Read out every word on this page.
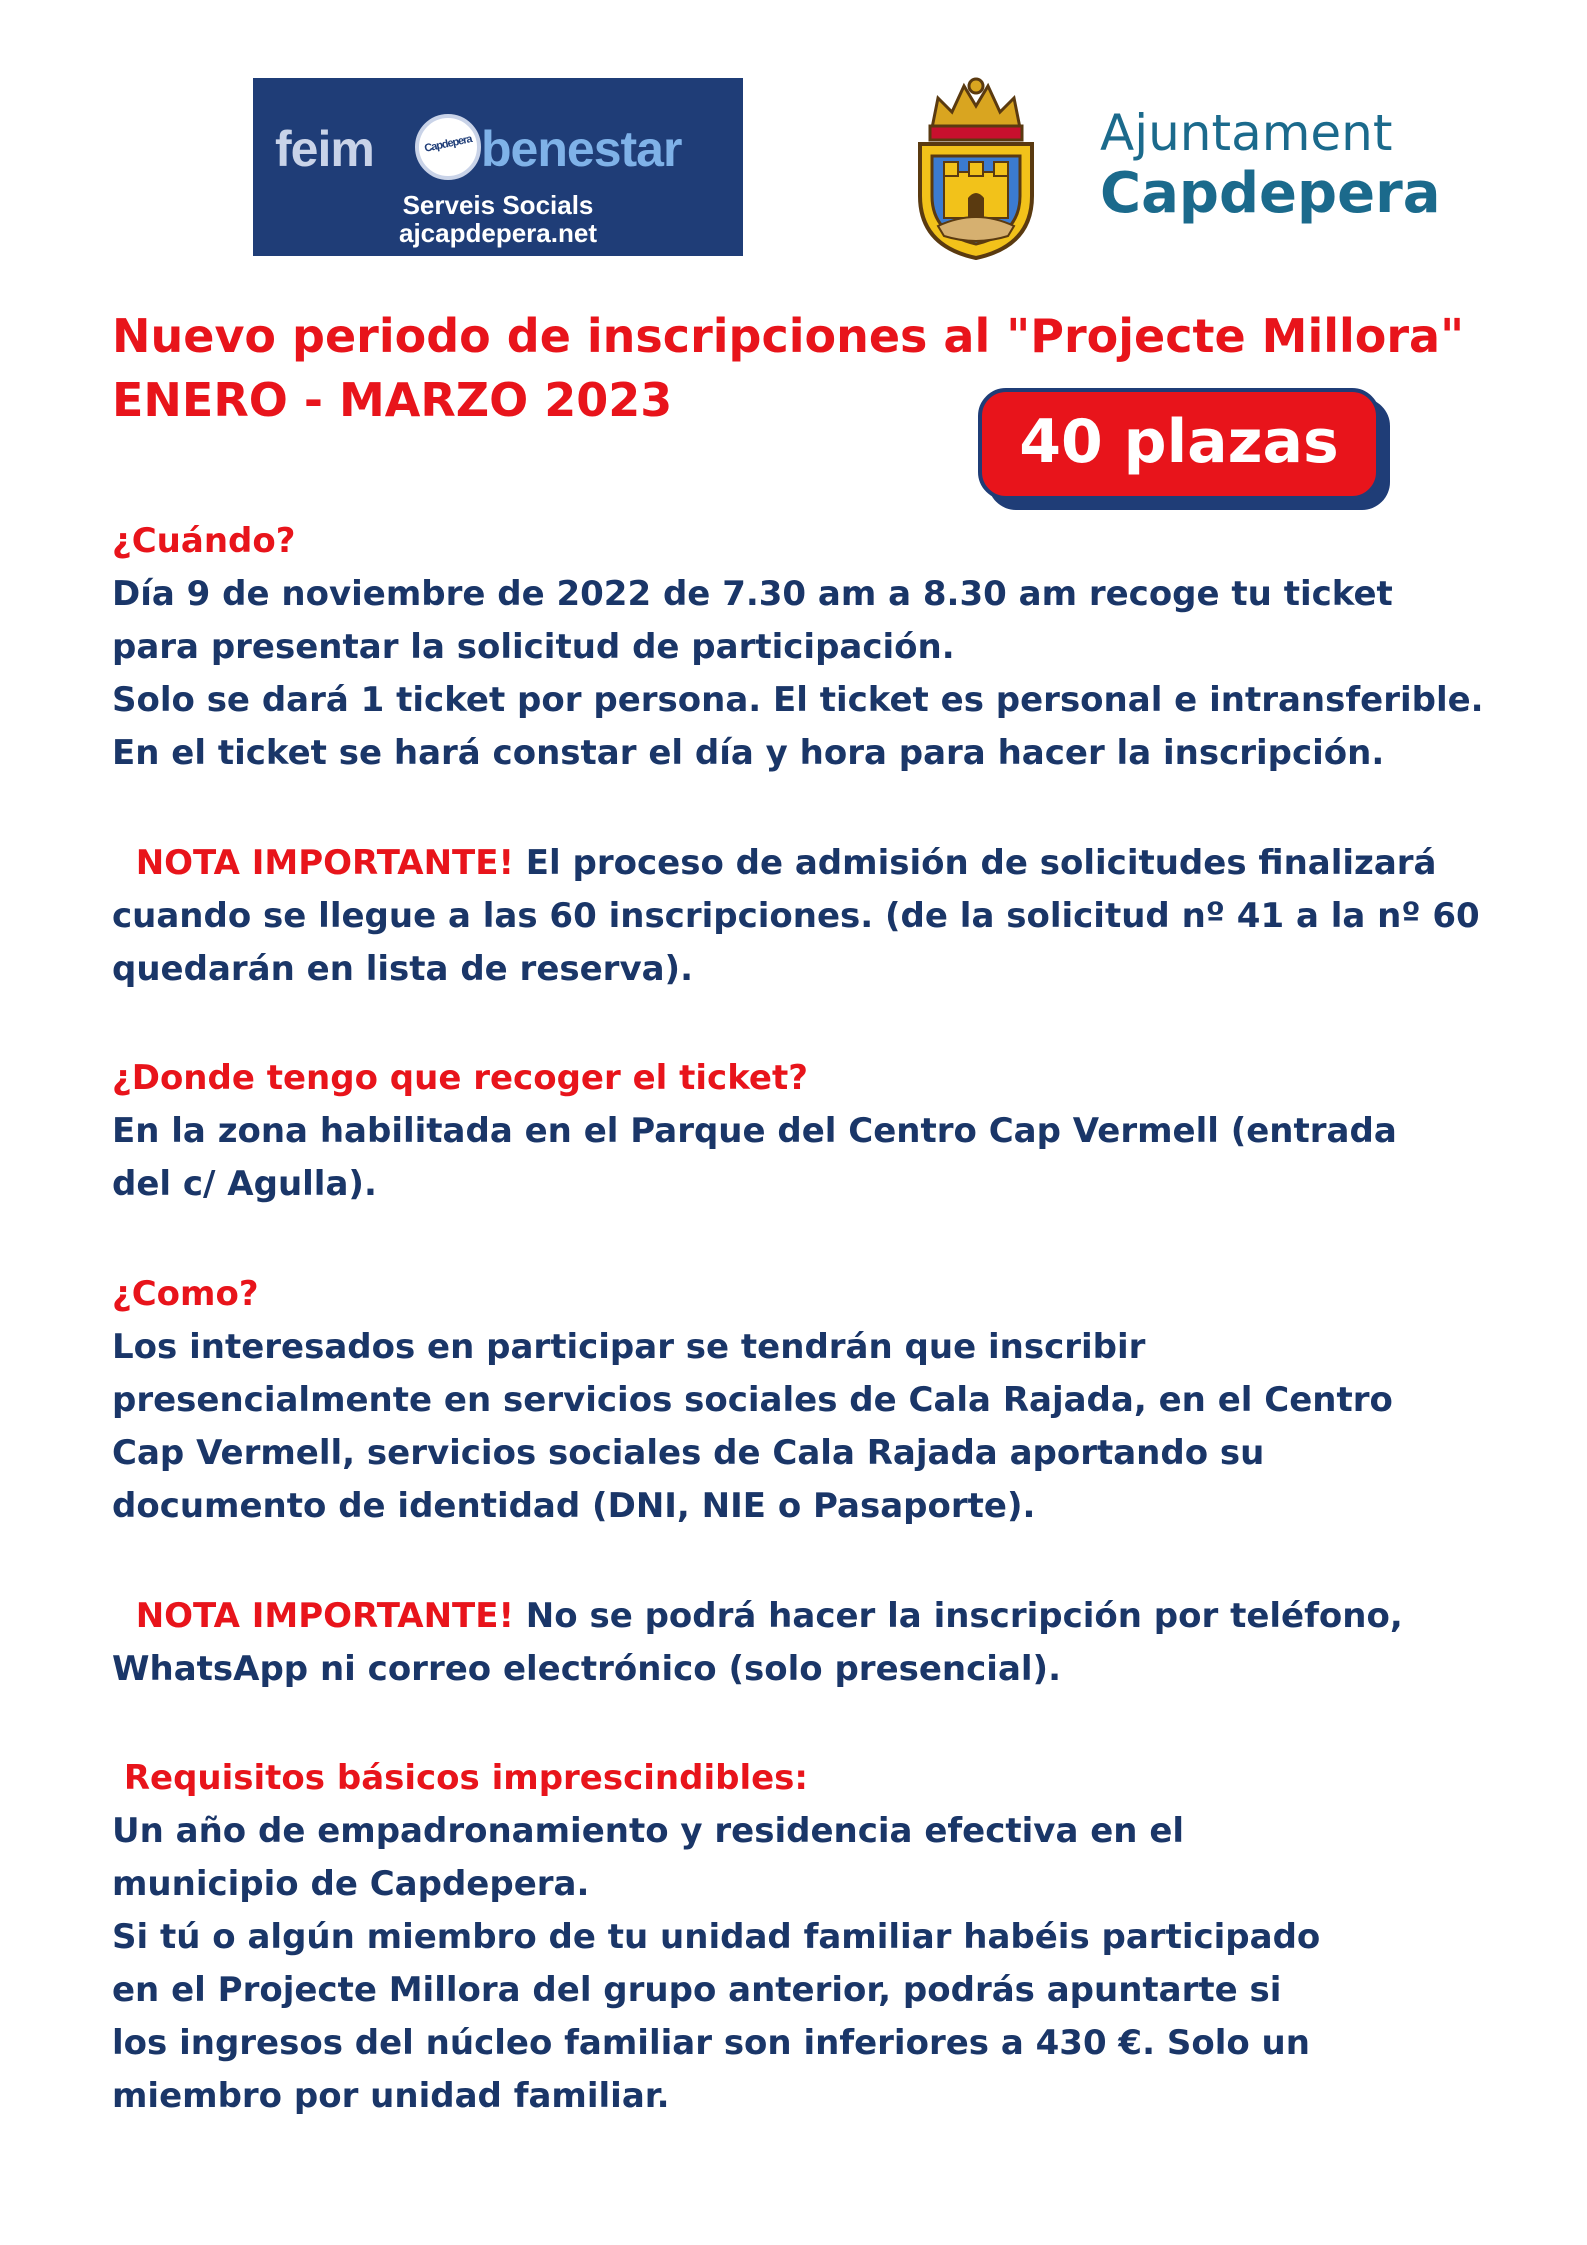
feim	Capdepera benestar
Serveis Socials
ajcapdepera.net
Ajuntament
Capdepera
Nuevo periodo de inscripciones al "Projecte Millora"
ENERO - MARZO 2023
40 plazas
¿Cuándo?
Día 9 de noviembre de 2022 de 7.30 am a 8.30 am recoge tu ticket
para presentar la solicitud de participación.
Solo se dará 1 ticket por persona. El ticket es personal e intransferible.
En el ticket se hará constar el día y hora para hacer la inscripción.
NOTA IMPORTANTE! El proceso de admisión de solicitudes finalizará
cuando se llegue a las 60 inscripciones. (de la solicitud nº 41 a la nº 60
quedarán en lista de reserva).
¿Donde tengo que recoger el ticket?
En la zona habilitada en el Parque del Centro Cap Vermell (entrada
del c/ Agulla).
¿Como?
Los interesados en participar se tendrán que inscribir
presencialmente en servicios sociales de Cala Rajada, en el Centro
Cap Vermell, servicios sociales de Cala Rajada aportando su
documento de identidad (DNI, NIE o Pasaporte).
NOTA IMPORTANTE! No se podrá hacer la inscripción por teléfono,
WhatsApp ni correo electrónico (solo presencial).
Requisitos básicos imprescindibles:
Un año de empadronamiento y residencia efectiva en el
municipio de Capdepera.
Si tú o algún miembro de tu unidad familiar habéis participado
en el Projecte Millora del grupo anterior, podrás apuntarte si
los ingresos del núcleo familiar son inferiores a 430 €. Solo un
miembro por unidad familiar.
